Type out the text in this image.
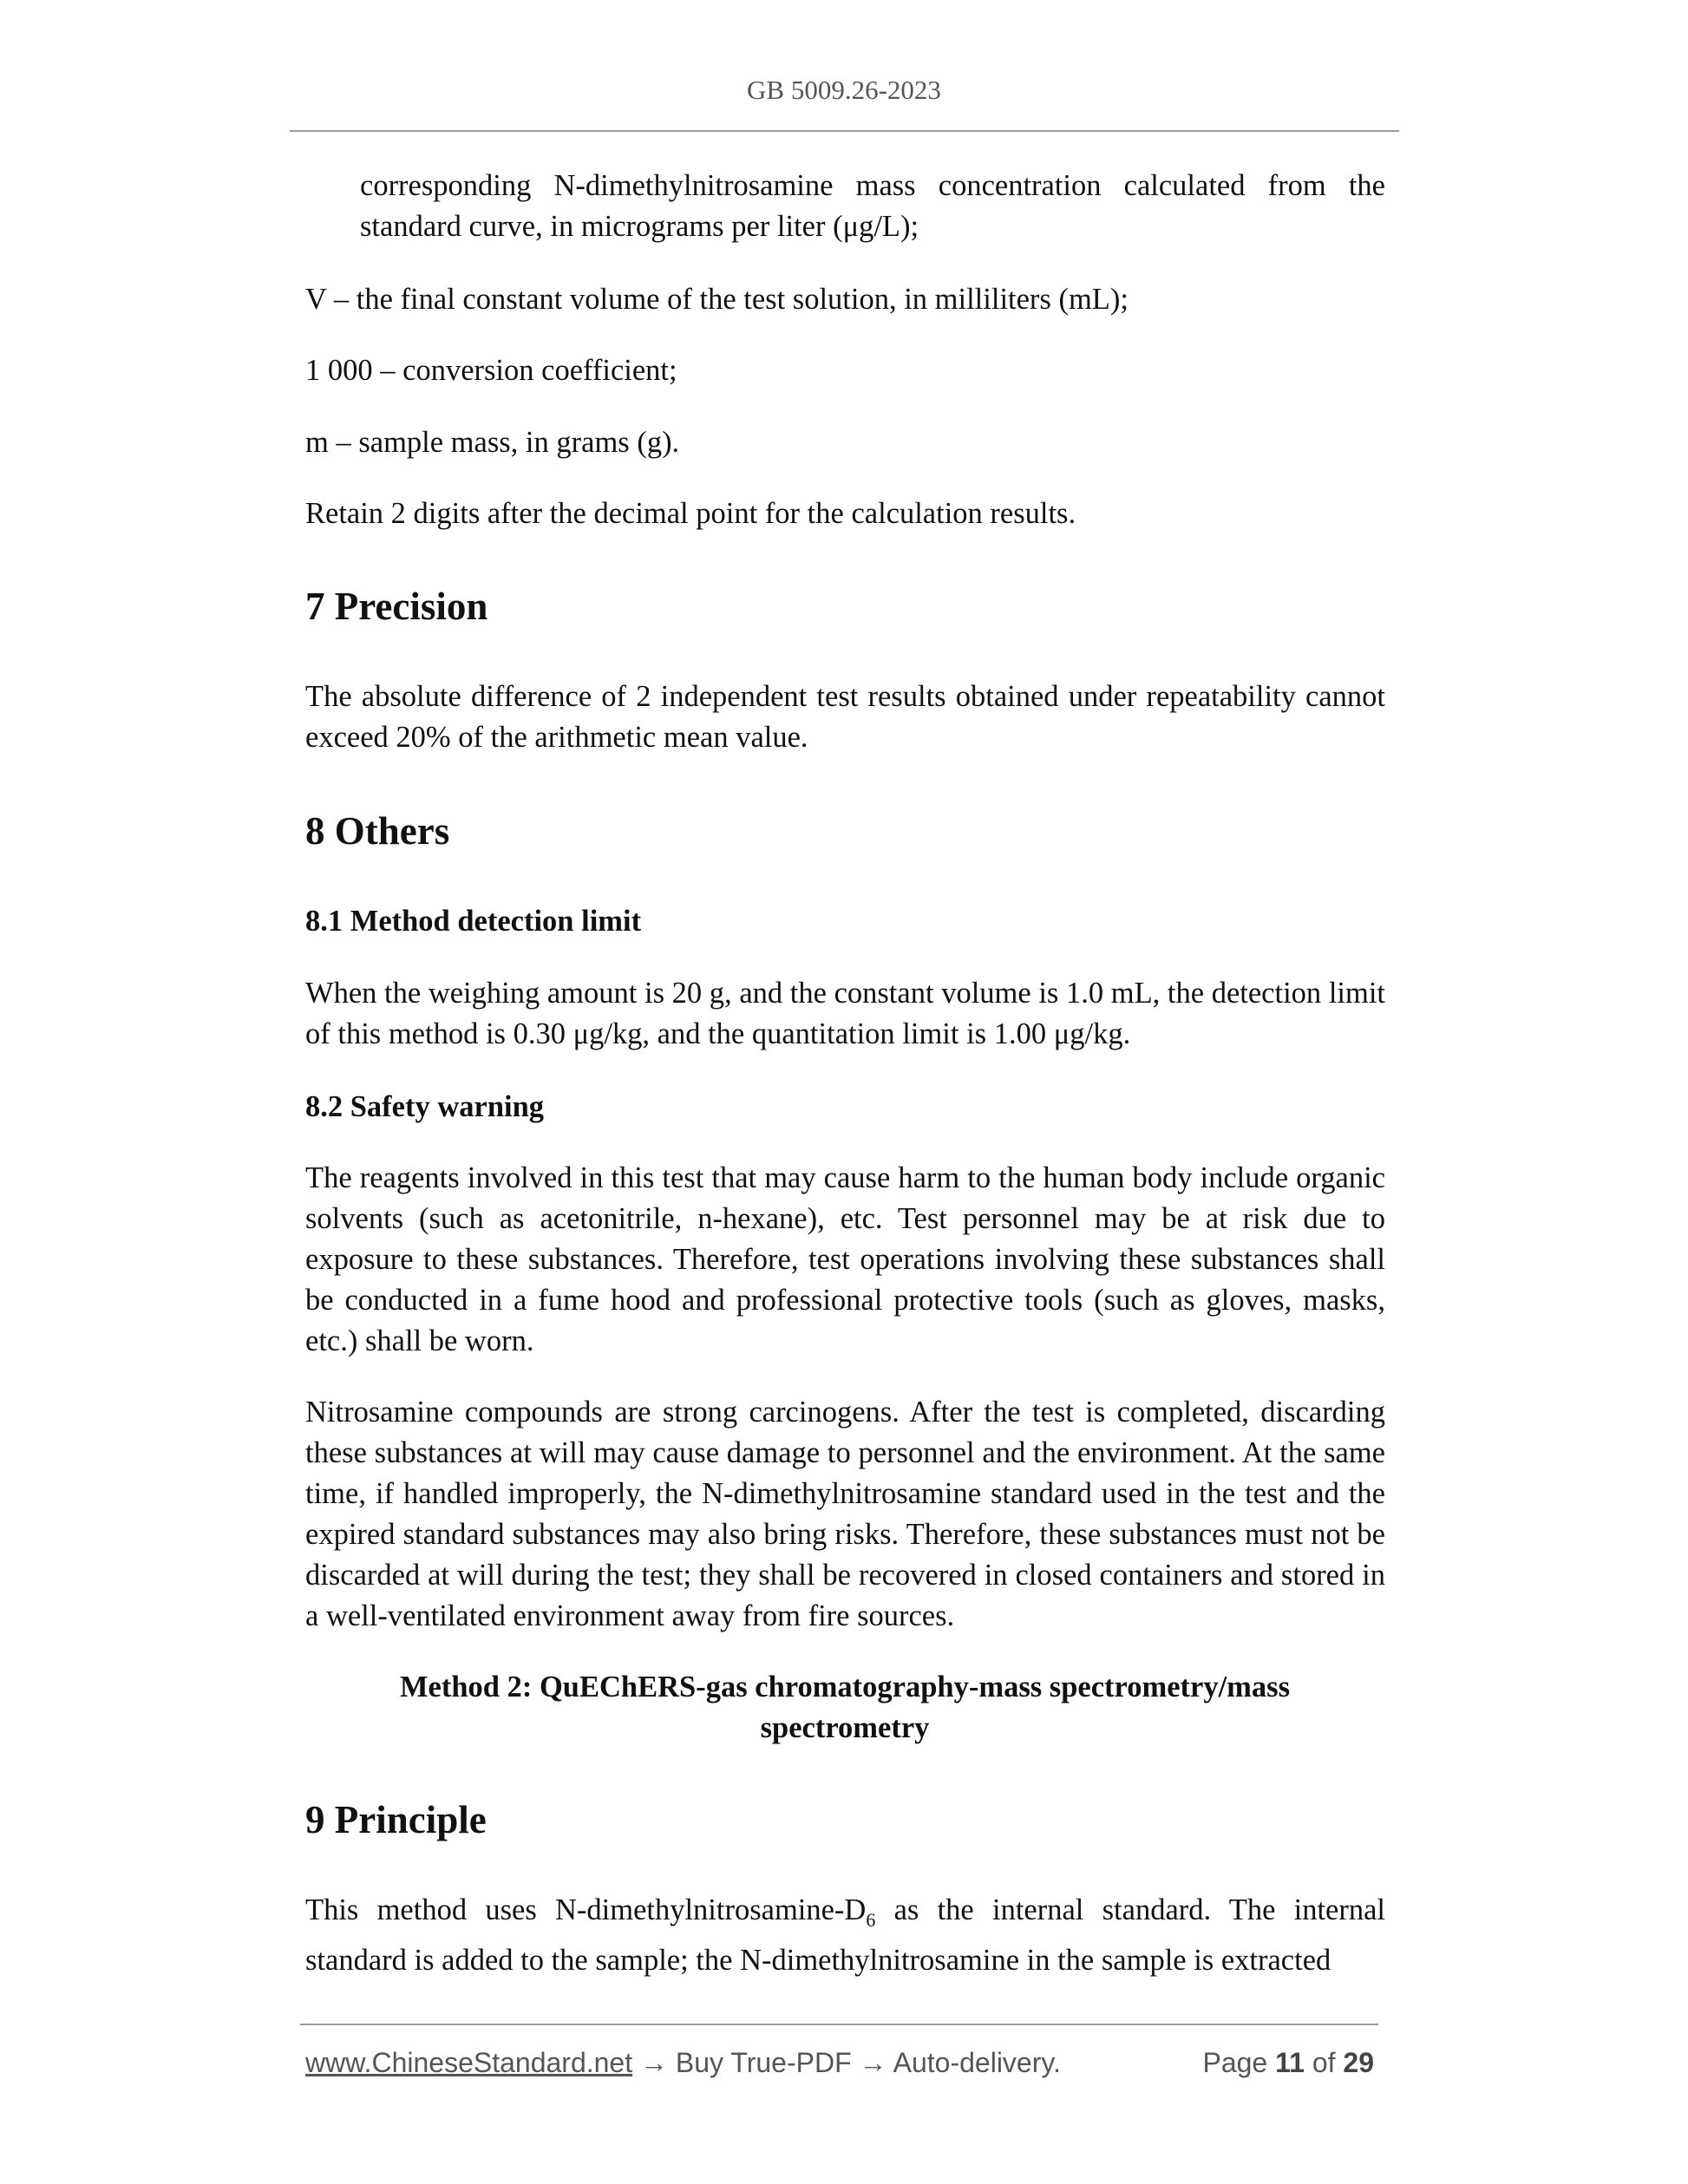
GB 5009.26-2023
corresponding N-dimethylnitrosamine mass concentration calculated from the standard curve, in micrograms per liter (μg/L);
V – the final constant volume of the test solution, in milliliters (mL);
1 000 – conversion coefficient;
m – sample mass, in grams (g).
Retain 2 digits after the decimal point for the calculation results.
7 Precision
The absolute difference of 2 independent test results obtained under repeatability cannot exceed 20% of the arithmetic mean value.
8 Others
8.1 Method detection limit
When the weighing amount is 20 g, and the constant volume is 1.0 mL, the detection limit of this method is 0.30 μg/kg, and the quantitation limit is 1.00 μg/kg.
8.2 Safety warning
The reagents involved in this test that may cause harm to the human body include organic solvents (such as acetonitrile, n-hexane), etc. Test personnel may be at risk due to exposure to these substances. Therefore, test operations involving these substances shall be conducted in a fume hood and professional protective tools (such as gloves, masks, etc.) shall be worn.
Nitrosamine compounds are strong carcinogens. After the test is completed, discarding these substances at will may cause damage to personnel and the environment. At the same time, if handled improperly, the N-dimethylnitrosamine standard used in the test and the expired standard substances may also bring risks. Therefore, these substances must not be discarded at will during the test; they shall be recovered in closed containers and stored in a well-ventilated environment away from fire sources.
Method 2: QuEChERS-gas chromatography-mass spectrometry/mass spectrometry
9 Principle
This method uses $N-dimethylnitrosamine-D_6$ as the internal standard. The internal standard is added to the sample; the N-dimethylnitrosamine in the sample is extracted
www.ChineseStandard.net → Buy True-PDF → Auto-delivery.	Page 11 of 29
